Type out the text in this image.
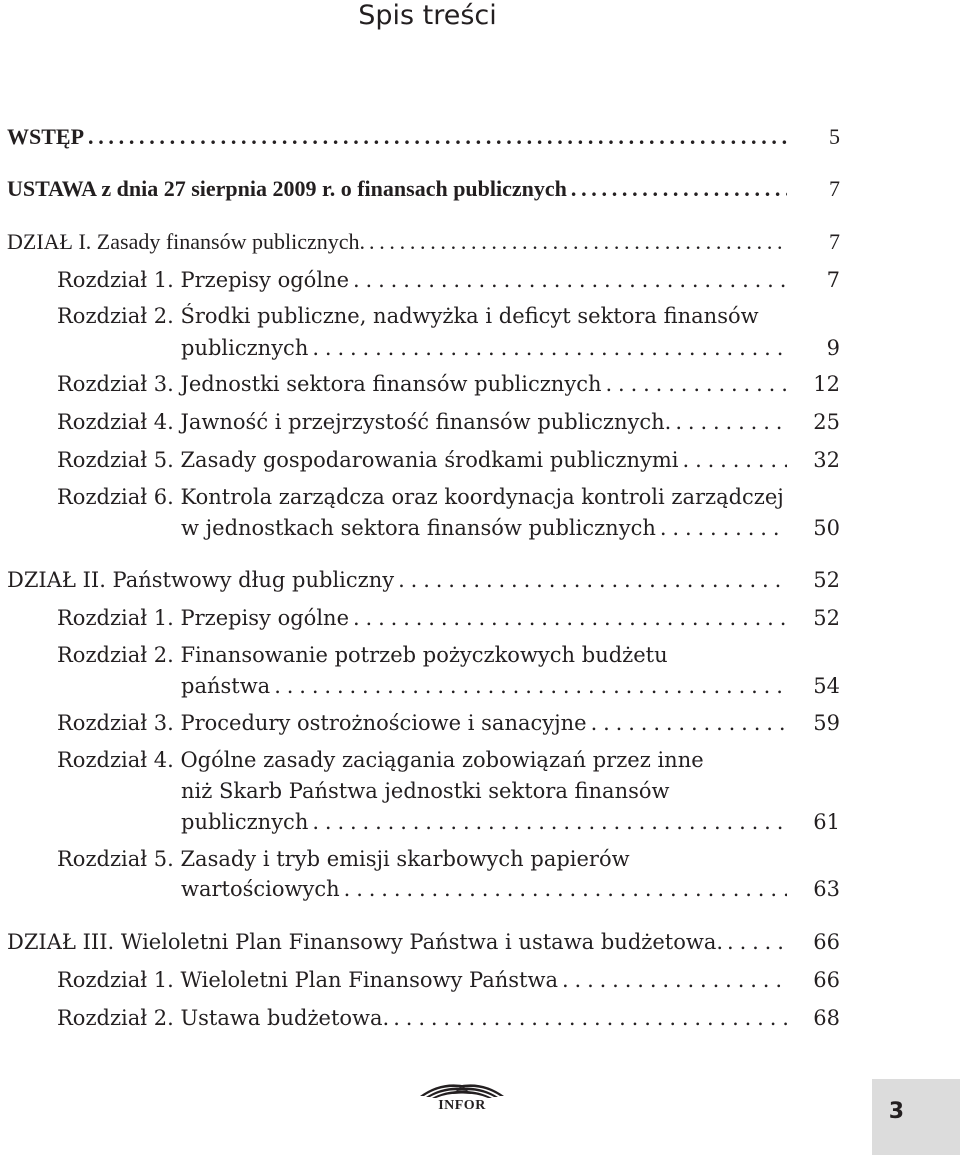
Spis treści
WSTĘP . . .	5
USTAWA z dnia 27 sierpnia 2009 r. o finansach publicznych . . .	7
DZIAŁ I. Zasady finansów publicznych. . . .	7
Rozdział 1. Przepisy ogólne . . .	7
Rozdział 2. Środki publiczne, nadwyżka i deficyt sektora finansów
publicznych . . .	9
Rozdział 3. Jednostki sektora finansów publicznych . . .	12
Rozdział 4. Jawność i przejrzystość finansów publicznych. . . .	25
Rozdział 5. Zasady gospodarowania środkami publicznymi . . .	32
Rozdział 6. Kontrola zarządcza oraz koordynacja kontroli zarządczej
w jednostkach sektora finansów publicznych . . .	50
DZIAŁ II. Państwowy dług publiczny . . .	52
Rozdział 1. Przepisy ogólne . . .	52
Rozdział 2. Finansowanie potrzeb pożyczkowych budżetu
państwa . . .	54
Rozdział 3. Procedury ostrożnościowe i sanacyjne . . .	59
Rozdział 4. Ogólne zasady zaciągania zobowiązań przez inne
niż Skarb Państwa jednostki sektora finansów
publicznych . . .	61
Rozdział 5. Zasady i tryb emisji skarbowych papierów
wartościowych . . .	63
DZIAŁ III. Wieloletni Plan Finansowy Państwa i ustawa budżetowa. . . .	66
Rozdział 1. Wieloletni Plan Finansowy Państwa . . .	66
Rozdział 2. Ustawa budżetowa. . . .	68
INFOR	3
